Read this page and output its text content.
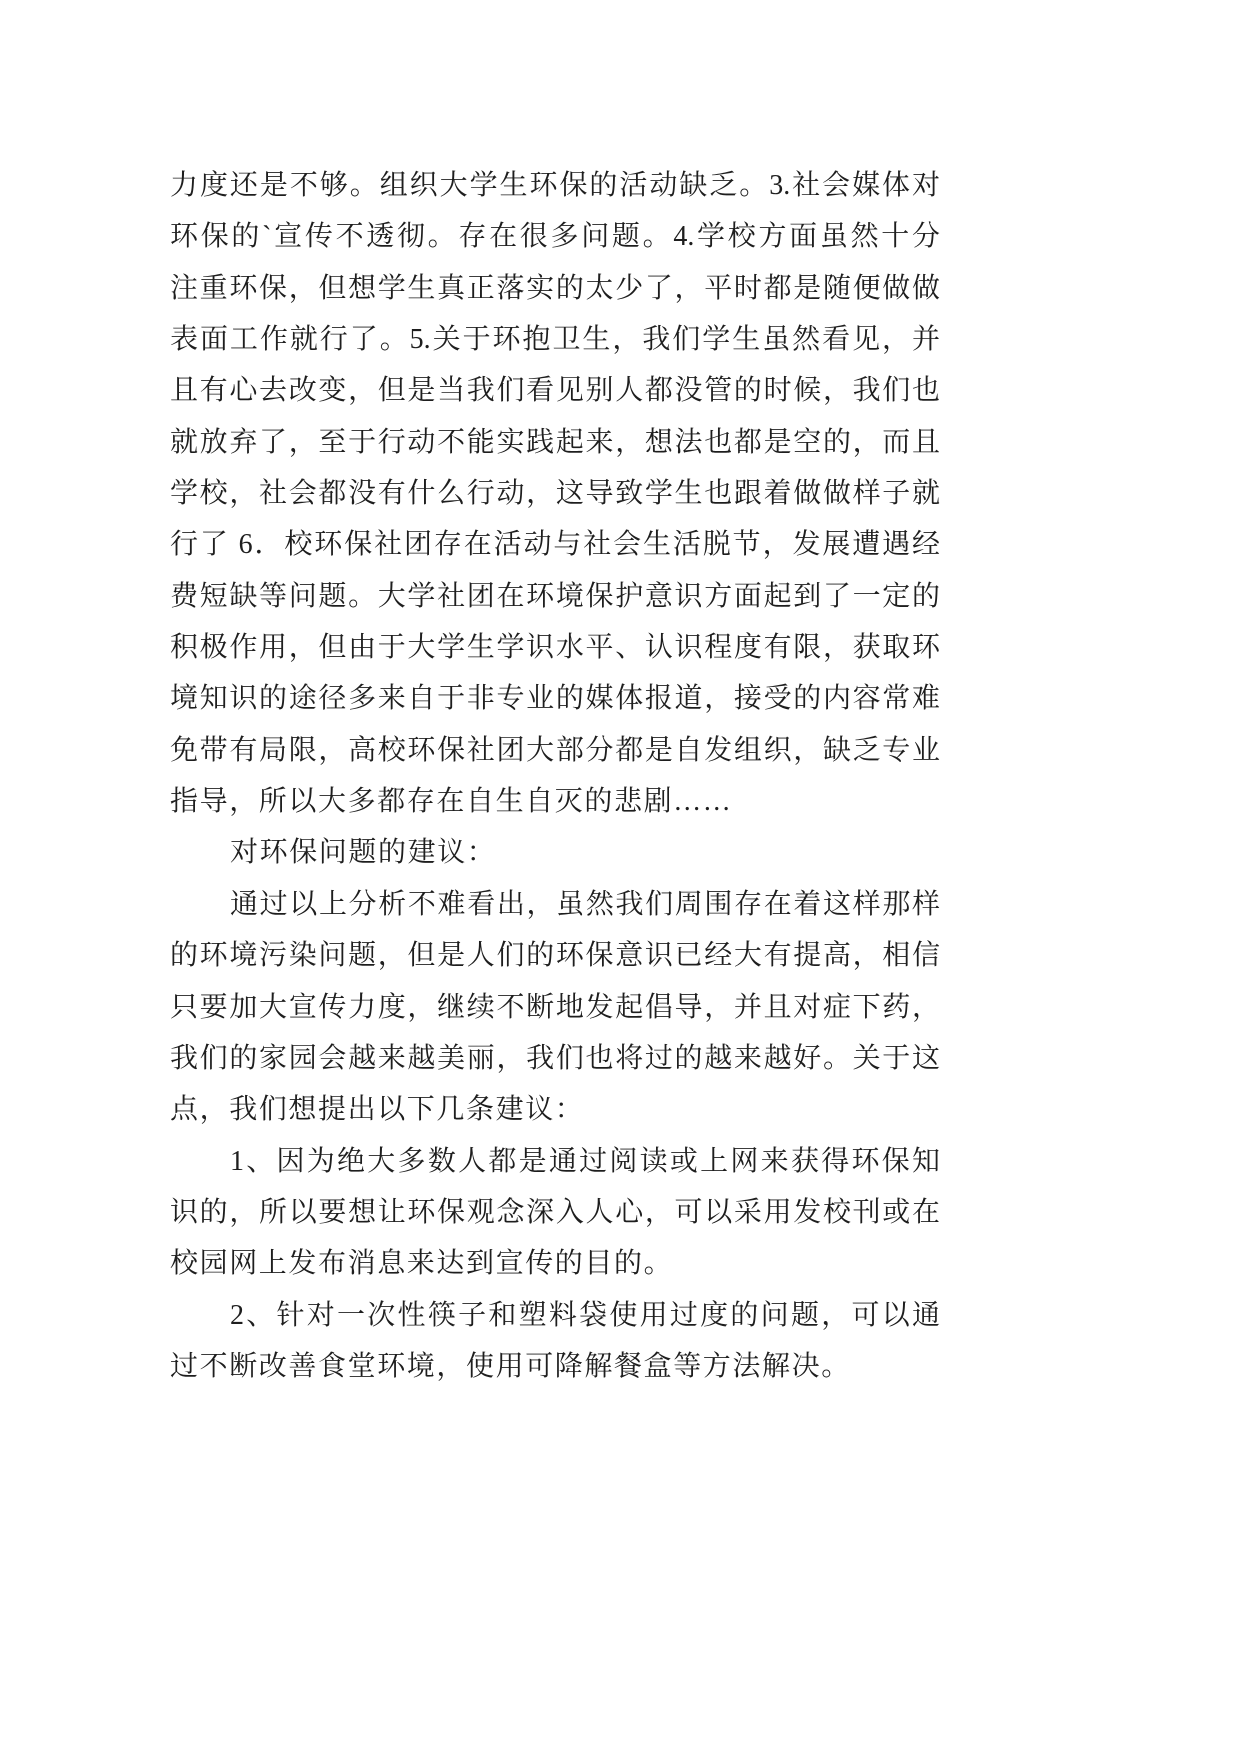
力度还是不够。组织大学生环保的活动缺乏。3.社会媒体对
环保的`宣传不透彻。存在很多问题。4.学校方面虽然十分
注重环保，但想学生真正落实的太少了，平时都是随便做做
表面工作就行了。5.关于环抱卫生，我们学生虽然看见，并
且有心去改变，但是当我们看见别人都没管的时候，我们也
就放弃了，至于行动不能实践起来，想法也都是空的，而且
学校，社会都没有什么行动，这导致学生也跟着做做样子就
行了 6．校环保社团存在活动与社会生活脱节，发展遭遇经
费短缺等问题。大学社团在环境保护意识方面起到了一定的
积极作用，但由于大学生学识水平、认识程度有限，获取环
境知识的途径多来自于非专业的媒体报道，接受的内容常难
免带有局限，高校环保社团大部分都是自发组织，缺乏专业
指导，所以大多都存在自生自灭的悲剧……
对环保问题的建议：
通过以上分析不难看出，虽然我们周围存在着这样那样
的环境污染问题，但是人们的环保意识已经大有提高，相信
只要加大宣传力度，继续不断地发起倡导，并且对症下药，
我们的家园会越来越美丽，我们也将过的越来越好。关于这
点，我们想提出以下几条建议：
1、因为绝大多数人都是通过阅读或上网来获得环保知
识的，所以要想让环保观念深入人心，可以采用发校刊或在
校园网上发布消息来达到宣传的目的。
2、针对一次性筷子和塑料袋使用过度的问题，可以通
过不断改善食堂环境，使用可降解餐盒等方法解决。
